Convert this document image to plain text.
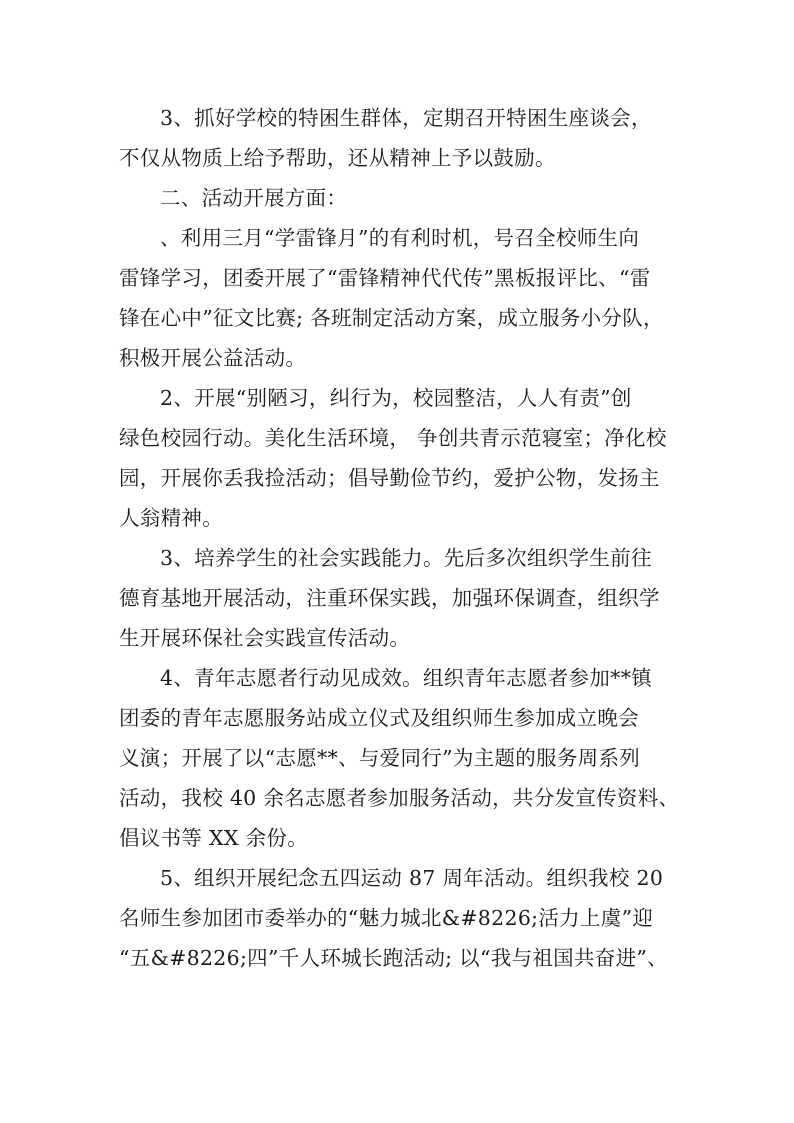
3、抓好学校的特困生群体，定期召开特困生座谈会，
不仅从物质上给予帮助，还从精神上予以鼓励。

二、活动开展方面：

、利用三月“学雷锋月”的有利时机，号召全校师生向
雷锋学习，团委开展了“雷锋精神代代传”黑板报评比、“雷
锋在心中”征文比赛; 各班制定活动方案，成立服务小分队，
积极开展公益活动。

2、开展“别陋习，纠行为，校园整洁，人人有责”创
绿色校园行动。美化生活环境， 争创共青示范寝室；净化校
园，开展你丢我捡活动；倡导勤俭节约，爱护公物，发扬主
人翁精神。

3、培养学生的社会实践能力。先后多次组织学生前往
德育基地开展活动，注重环保实践，加强环保调查，组织学
生开展环保社会实践宣传活动。

4、青年志愿者行动见成效。组织青年志愿者参加**镇
团委的青年志愿服务站成立仪式及组织师生参加成立晚会
义演；开展了以“志愿**、与爱同行”为主题的服务周系列
活动，我校 40 余名志愿者参加服务活动，共分发宣传资料、
倡议书等 XX 余份。

5、组织开展纪念五四运动 87 周年活动。组织我校 20
名师生参加团市委举办的“魅力城北&#8226;活力上虞”迎
“五&#8226;四”千人环城长跑活动; 以“我与祖国共奋进”、
